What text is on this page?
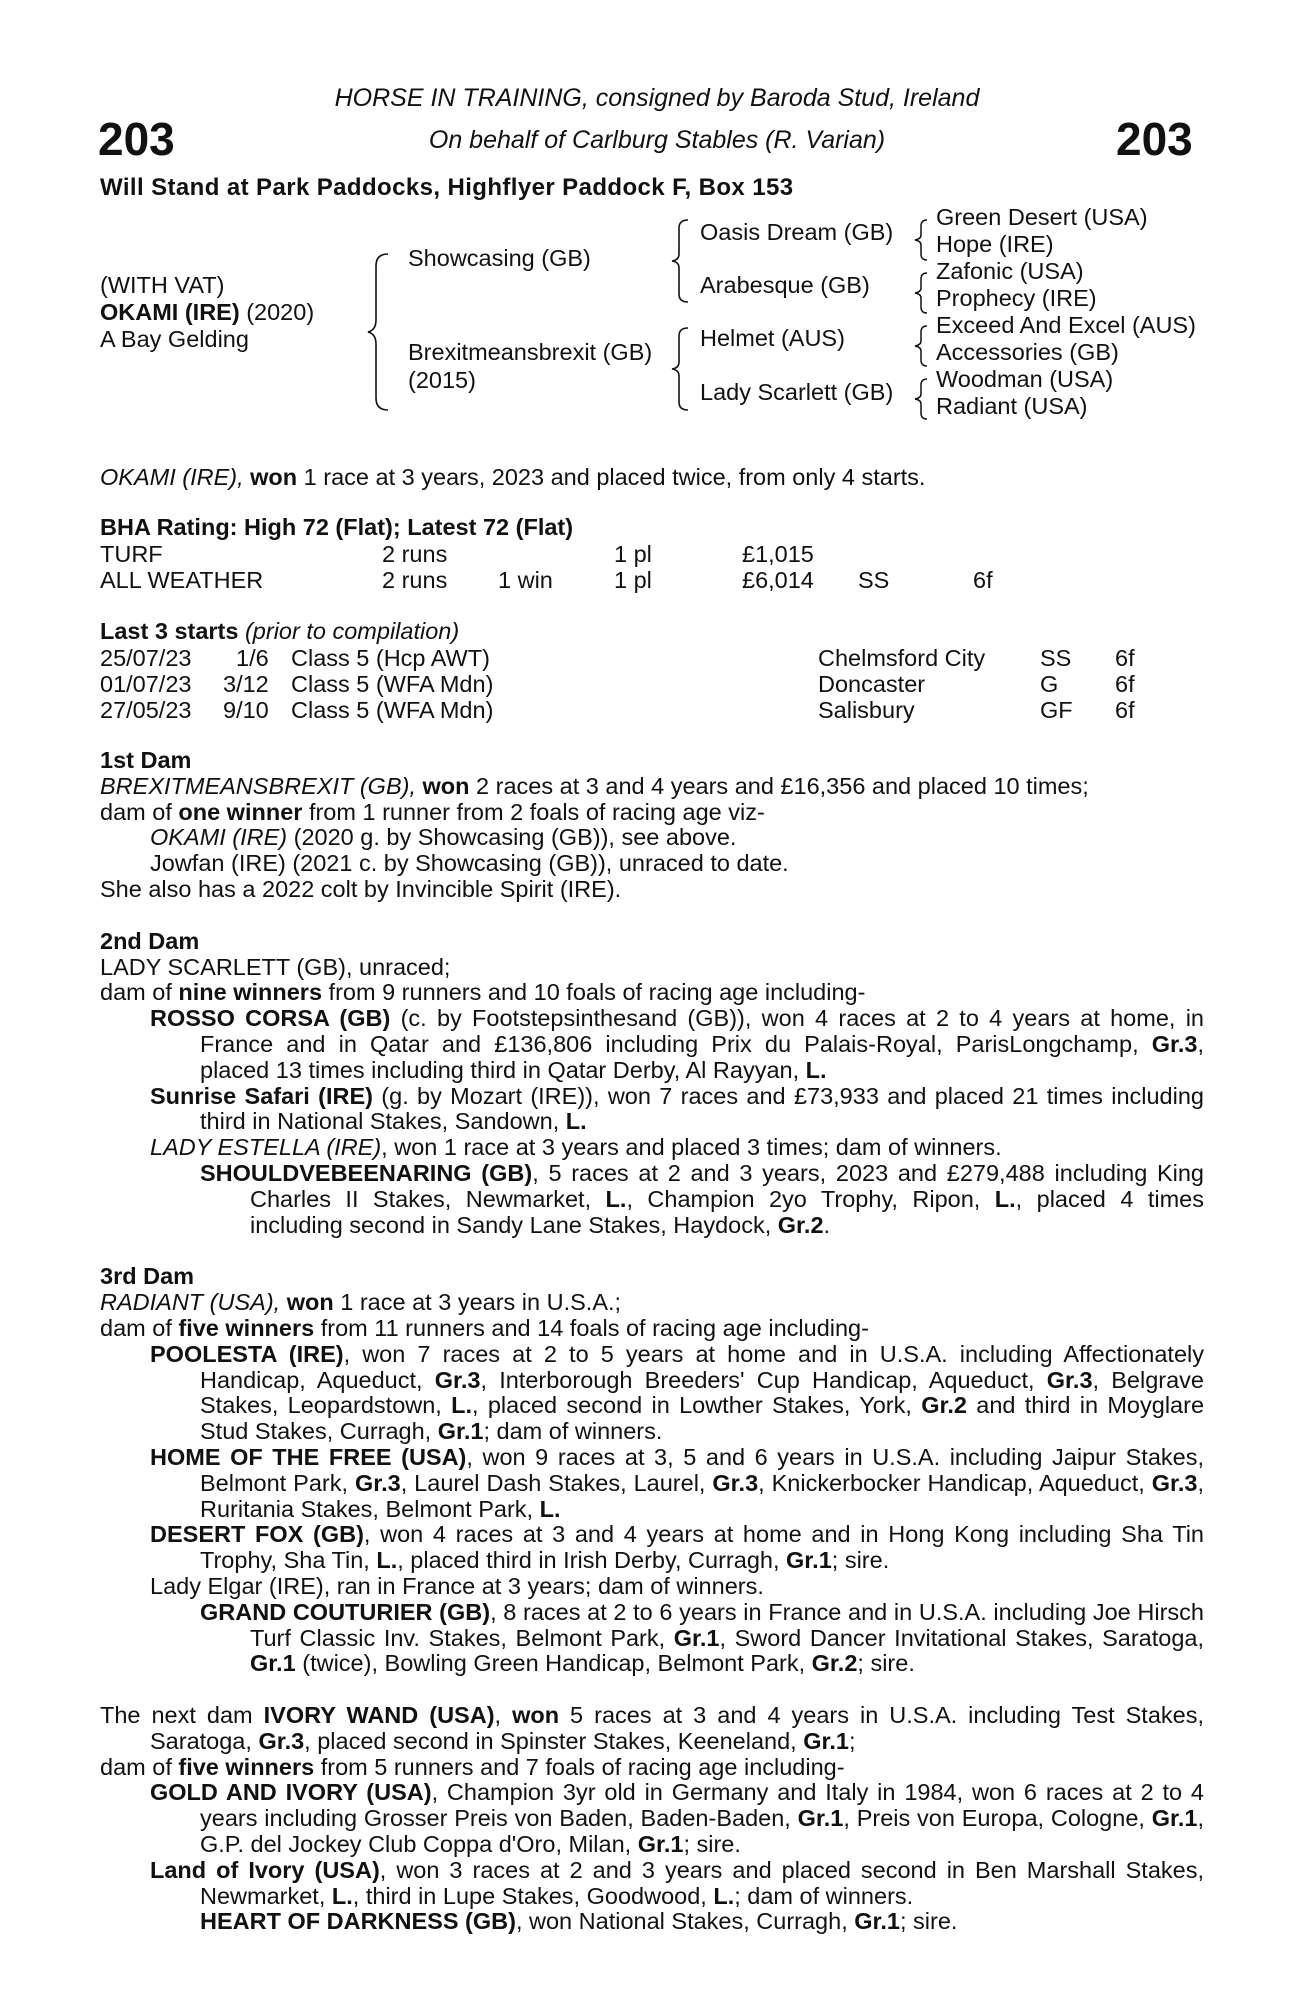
203	203
HORSE IN TRAINING, consigned by Baroda Stud, Ireland
On behalf of Carlburg Stables (R. Varian)
Will Stand at Park Paddocks, Highflyer Paddock F, Box 153
(WITH VAT)
OKAMI (IRE) (2020)
A Bay Gelding
Showcasing (GB)
Brexitmeansbrexit (GB)
(2015)
Oasis Dream (GB)
Arabesque (GB)
Helmet (AUS)
Lady Scarlett (GB)
Green Desert (USA)
Hope (IRE)
Zafonic (USA)
Prophecy (IRE)
Exceed And Excel (AUS)
Accessories (GB)
Woodman (USA)
Radiant (USA)
OKAMI (IRE), won 1 race at 3 years, 2023 and placed twice, from only 4 starts.
BHA Rating: High 72 (Flat); Latest 72 (Flat)
TURF	2 runs	1 pl	£1,015
ALL WEATHER	2 runs 1 win	1 pl	£6,014 SS	6f
Last 3 starts (prior to compilation)
25/07/23 1/6 Class 5 (Hcp AWT)	Chelmsford City SS 6f
01/07/23 3/12 Class 5 (WFA Mdn)	Doncaster	G 6f
27/05/23 9/10 Class 5 (WFA Mdn)	Salisbury	GF 6f

1st Dam

BREXITMEANSBREXIT (GB), won 2 races at 3 and 4 years and £16,356 and placed 10 times;

dam of one winner from 1 runner from 2 foals of racing age viz-

OKAMI (IRE) (2020 g. by Showcasing (GB)), see above.

Jowfan (IRE) (2021 c. by Showcasing (GB)), unraced to date.

She also has a 2022 colt by Invincible Spirit (IRE).

2nd Dam

LADY SCARLETT (GB), unraced;

dam of nine winners from 9 runners and 10 foals of racing age including-

ROSSO CORSA (GB) (c. by Footstepsinthesand (GB)), won 4 races at 2 to 4 years at home, in France and in Qatar and £136,806 including Prix du Palais-Royal, ParisLongchamp, Gr.3, placed 13 times including third in Qatar Derby, Al Rayyan, L.

Sunrise Safari (IRE) (g. by Mozart (IRE)), won 7 races and £73,933 and placed 21 times including third in National Stakes, Sandown, L.

LADY ESTELLA (IRE), won 1 race at 3 years and placed 3 times; dam of winners.

SHOULDVEBEENARING (GB), 5 races at 2 and 3 years, 2023 and £279,488 including King Charles II Stakes, Newmarket, L., Champion 2yo Trophy, Ripon, L., placed 4 times including second in Sandy Lane Stakes, Haydock, Gr.2.

3rd Dam

RADIANT (USA), won 1 race at 3 years in U.S.A.;

dam of five winners from 11 runners and 14 foals of racing age including-

POOLESTA (IRE), won 7 races at 2 to 5 years at home and in U.S.A. including Affectionately Handicap, Aqueduct, Gr.3, Interborough Breeders' Cup Handicap, Aqueduct, Gr.3, Belgrave Stakes, Leopardstown, L., placed second in Lowther Stakes, York, Gr.2 and third in Moyglare Stud Stakes, Curragh, Gr.1; dam of winners.

HOME OF THE FREE (USA), won 9 races at 3, 5 and 6 years in U.S.A. including Jaipur Stakes, Belmont Park, Gr.3, Laurel Dash Stakes, Laurel, Gr.3, Knickerbocker Handicap, Aqueduct, Gr.3, Ruritania Stakes, Belmont Park, L.

DESERT FOX (GB), won 4 races at 3 and 4 years at home and in Hong Kong including Sha Tin Trophy, Sha Tin, L., placed third in Irish Derby, Curragh, Gr.1; sire.

Lady Elgar (IRE), ran in France at 3 years; dam of winners.

GRAND COUTURIER (GB), 8 races at 2 to 6 years in France and in U.S.A. including Joe Hirsch Turf Classic Inv. Stakes, Belmont Park, Gr.1, Sword Dancer Invitational Stakes, Saratoga, Gr.1 (twice), Bowling Green Handicap, Belmont Park, Gr.2; sire.

The next dam IVORY WAND (USA), won 5 races at 3 and 4 years in U.S.A. including Test Stakes, Saratoga, Gr.3, placed second in Spinster Stakes, Keeneland, Gr.1;

dam of five winners from 5 runners and 7 foals of racing age including-

GOLD AND IVORY (USA), Champion 3yr old in Germany and Italy in 1984, won 6 races at 2 to 4 years including Grosser Preis von Baden, Baden-Baden, Gr.1, Preis von Europa, Cologne, Gr.1, G.P. del Jockey Club Coppa d'Oro, Milan, Gr.1; sire.

Land of Ivory (USA), won 3 races at 2 and 3 years and placed second in Ben Marshall Stakes, Newmarket, L., third in Lupe Stakes, Goodwood, L.; dam of winners.

HEART OF DARKNESS (GB), won National Stakes, Curragh, Gr.1; sire.
